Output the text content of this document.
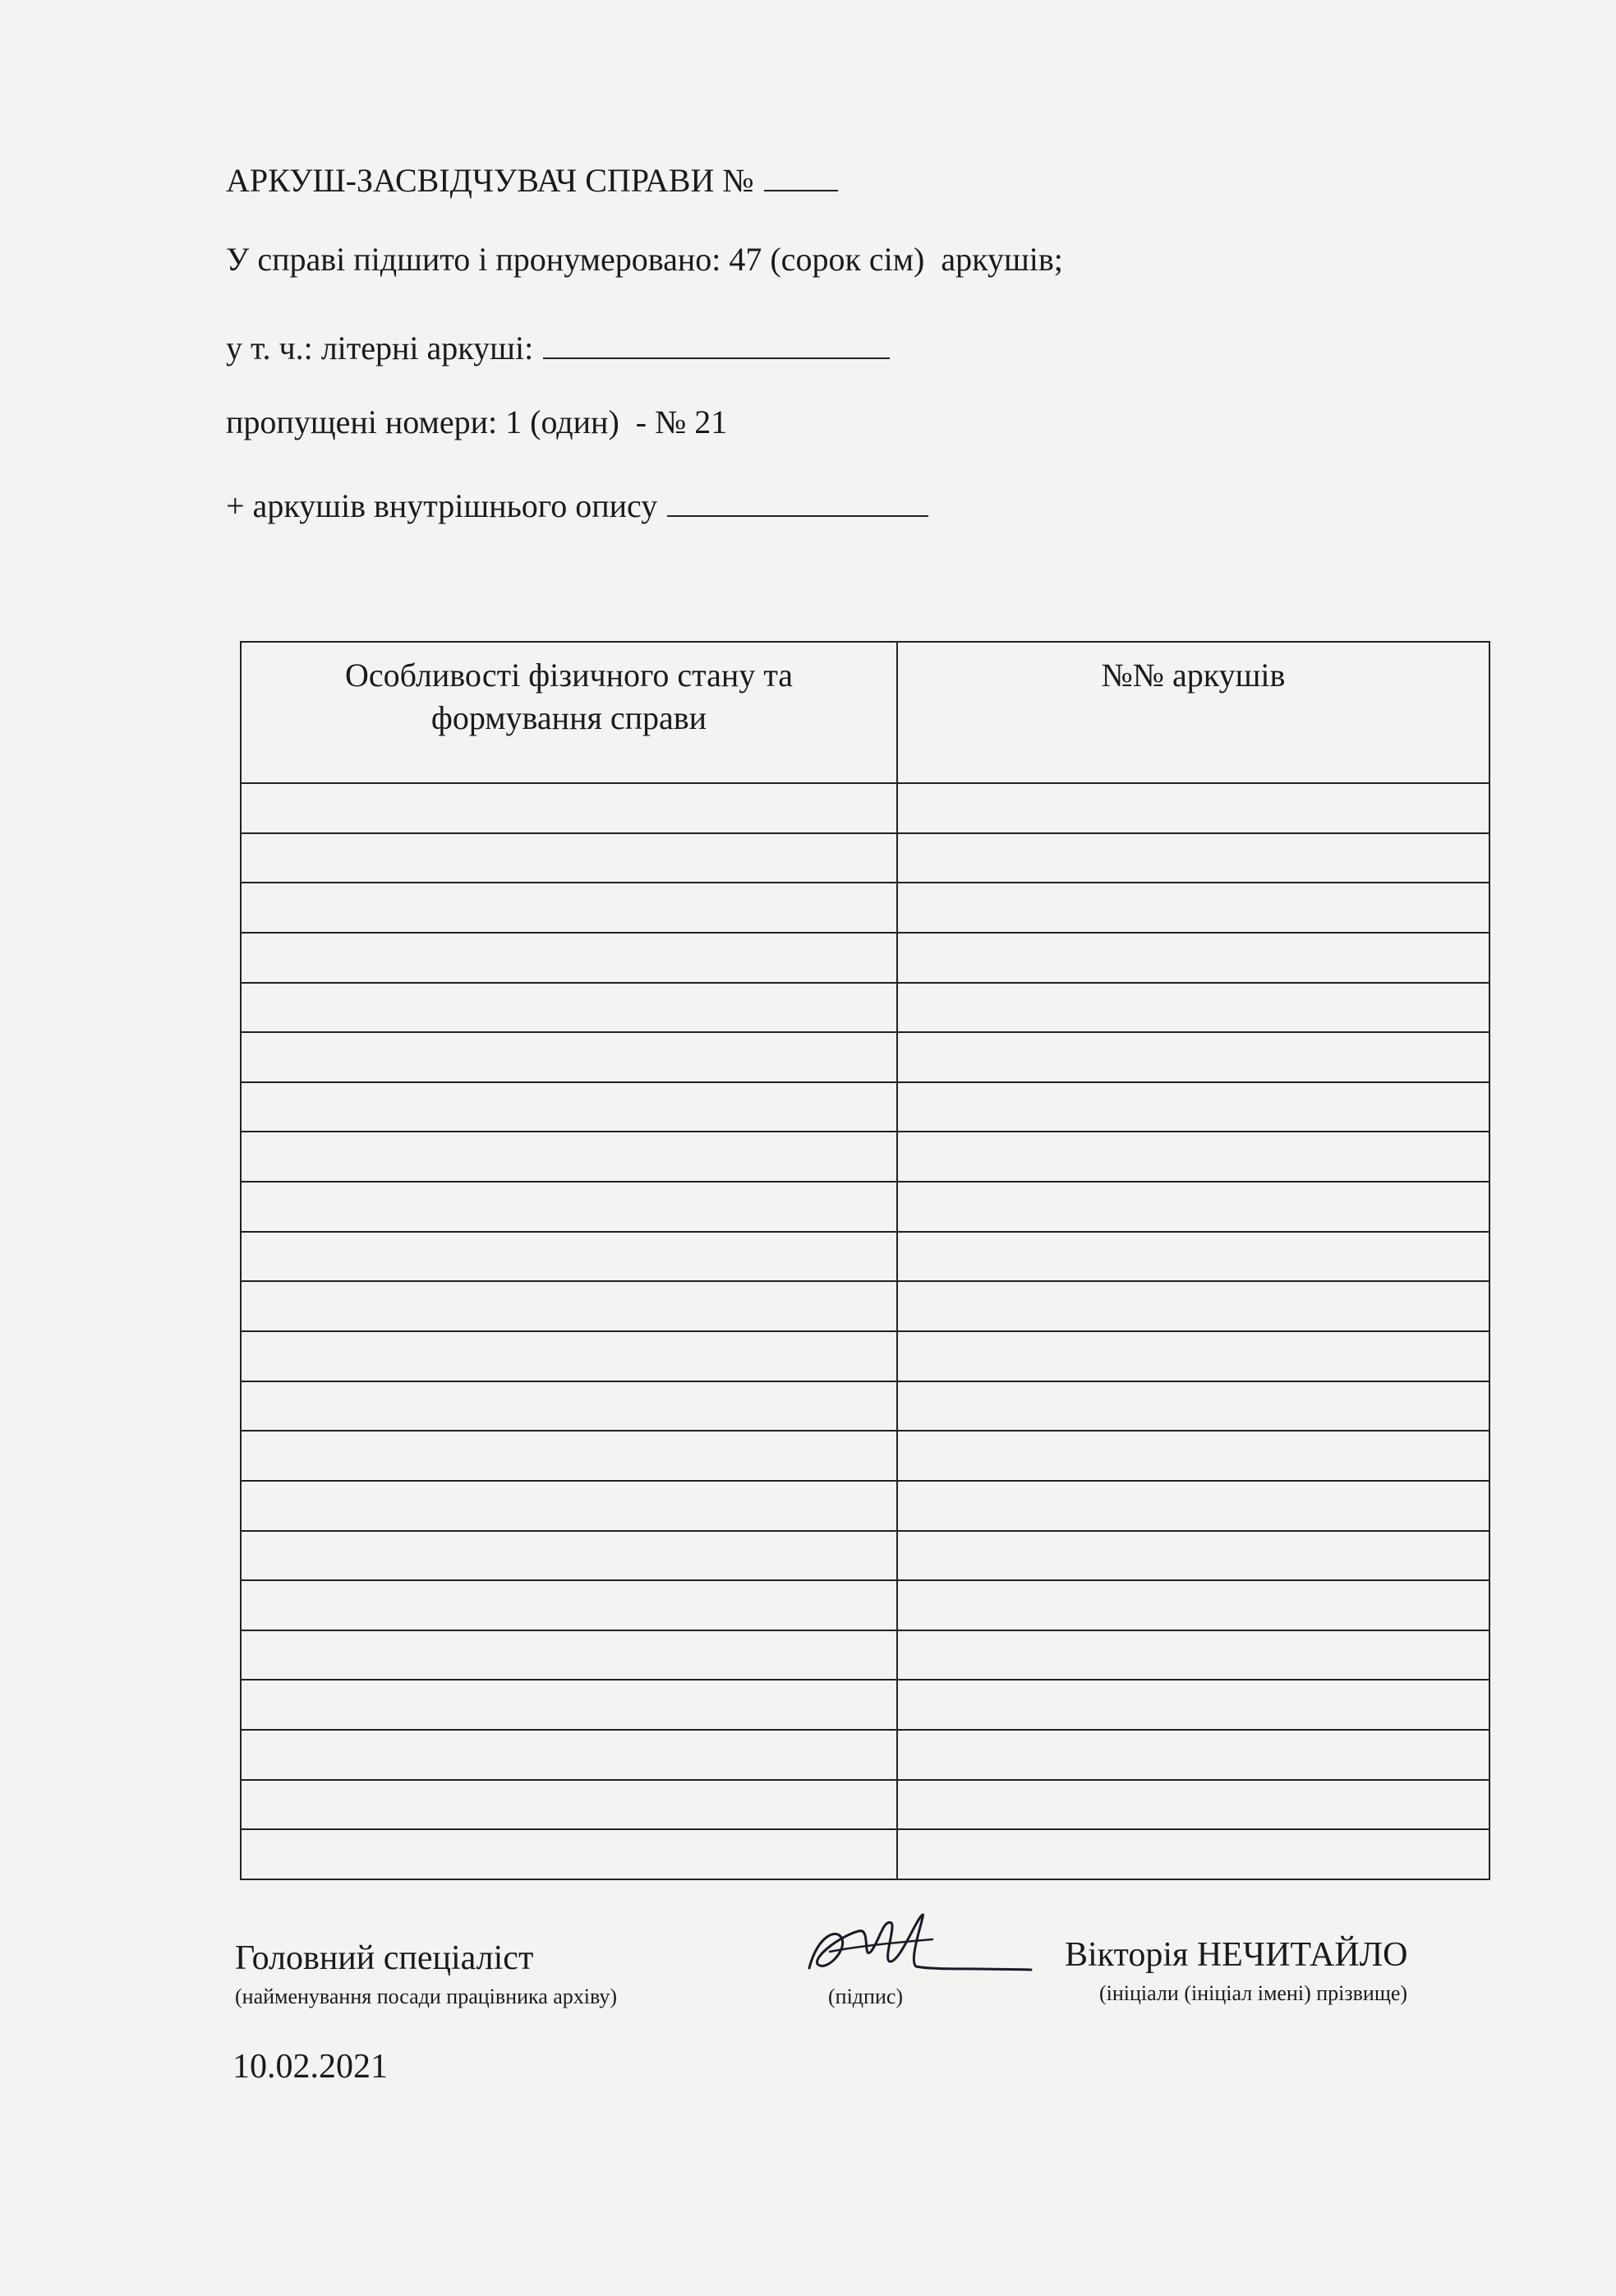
АРКУШ-ЗАСВІДЧУВАЧ СПРАВИ №
У справі підшито і пронумеровано: 47 (сорок сім)  аркушів;
у т. ч.: літерні аркуші:
пропущені номери: 1 (один)  - № 21
+ аркушів внутрішнього опису
Особливості фізичного стану та
формування справи
№№ аркушів
Головний спеціаліст
(найменування посади працівника архіву)	(підпис)
Вікторія НЕЧИТАЙЛО
(ініціали (ініціал імені) прізвище)
10.02.2021
